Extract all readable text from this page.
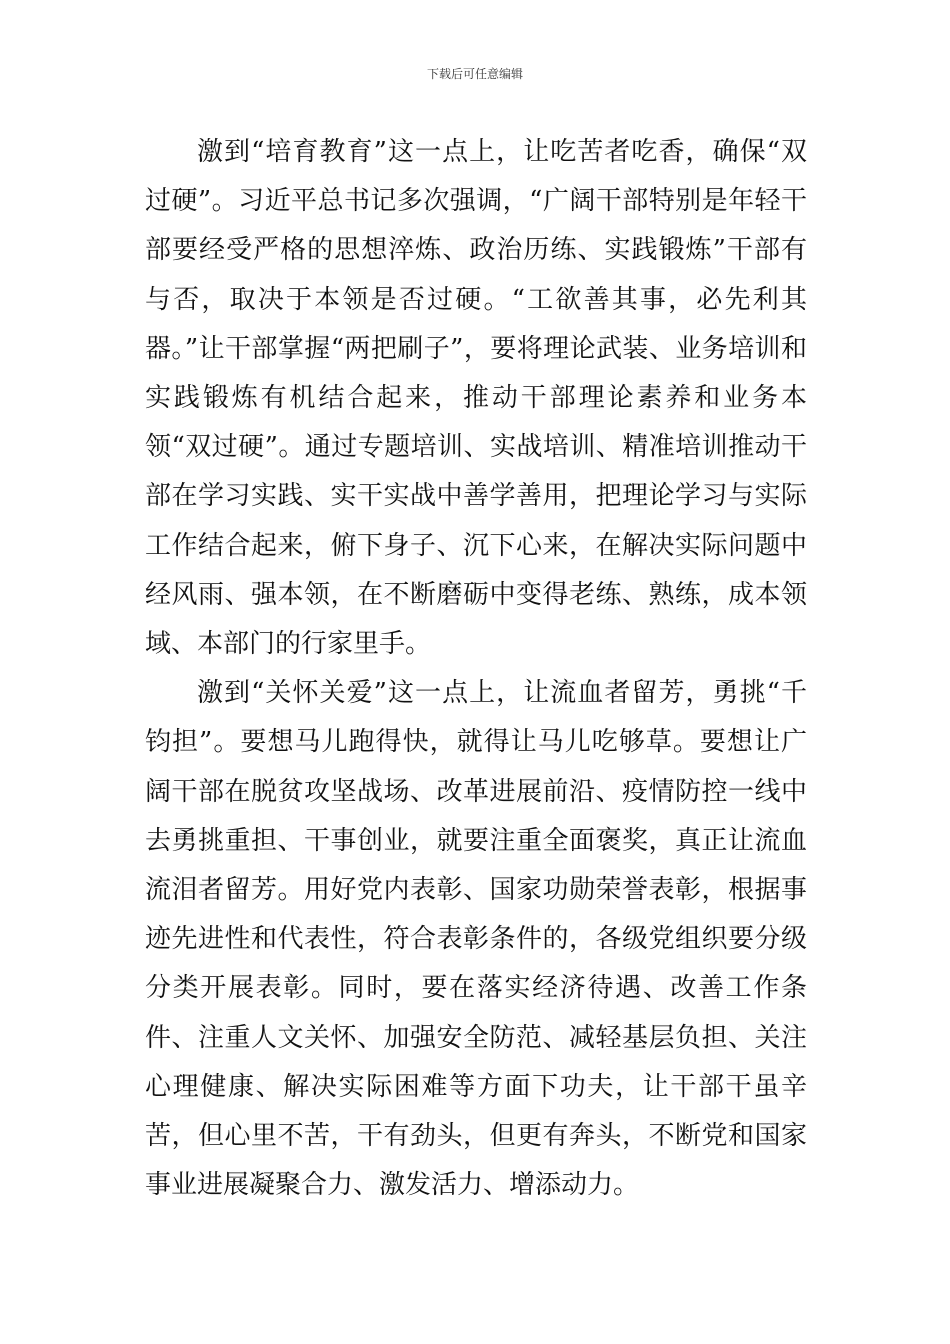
下载后可任意编辑

激到“培育教育”这一点上，让吃苦者吃香，确保“双过硬”。习近平总书记多次强调，“广阔干部特别是年轻干部要经受严格的思想淬炼、政治历练、实践锻炼”干部有与否，取决于本领是否过硬。“工欲善其事，必先利其器。”让干部掌握“两把刷子”，要将理论武装、业务培训和实践锻炼有机结合起来，推动干部理论素养和业务本领“双过硬”。通过专题培训、实战培训、精准培训推动干部在学习实践、实干实战中善学善用，把理论学习与实际工作结合起来，俯下身子、沉下心来，在解决实际问题中经风雨、强本领，在不断磨砺中变得老练、熟练，成本领域、本部门的行家里手。

激到“关怀关爱”这一点上，让流血者留芳，勇挑“千钧担”。要想马儿跑得快，就得让马儿吃够草。要想让广阔干部在脱贫攻坚战场、改革进展前沿、疫情防控一线中去勇挑重担、干事创业，就要注重全面褒奖，真正让流血流泪者留芳。用好党内表彰、国家功勋荣誉表彰，根据事迹先进性和代表性，符合表彰条件的，各级党组织要分级分类开展表彰。同时，要在落实经济待遇、改善工作条件、注重人文关怀、加强安全防范、减轻基层负担、关注心理健康、解决实际困难等方面下功夫，让干部干虽辛苦，但心里不苦，干有劲头，但更有奔头，不断党和国家事业进展凝聚合力、激发活力、增添动力。
